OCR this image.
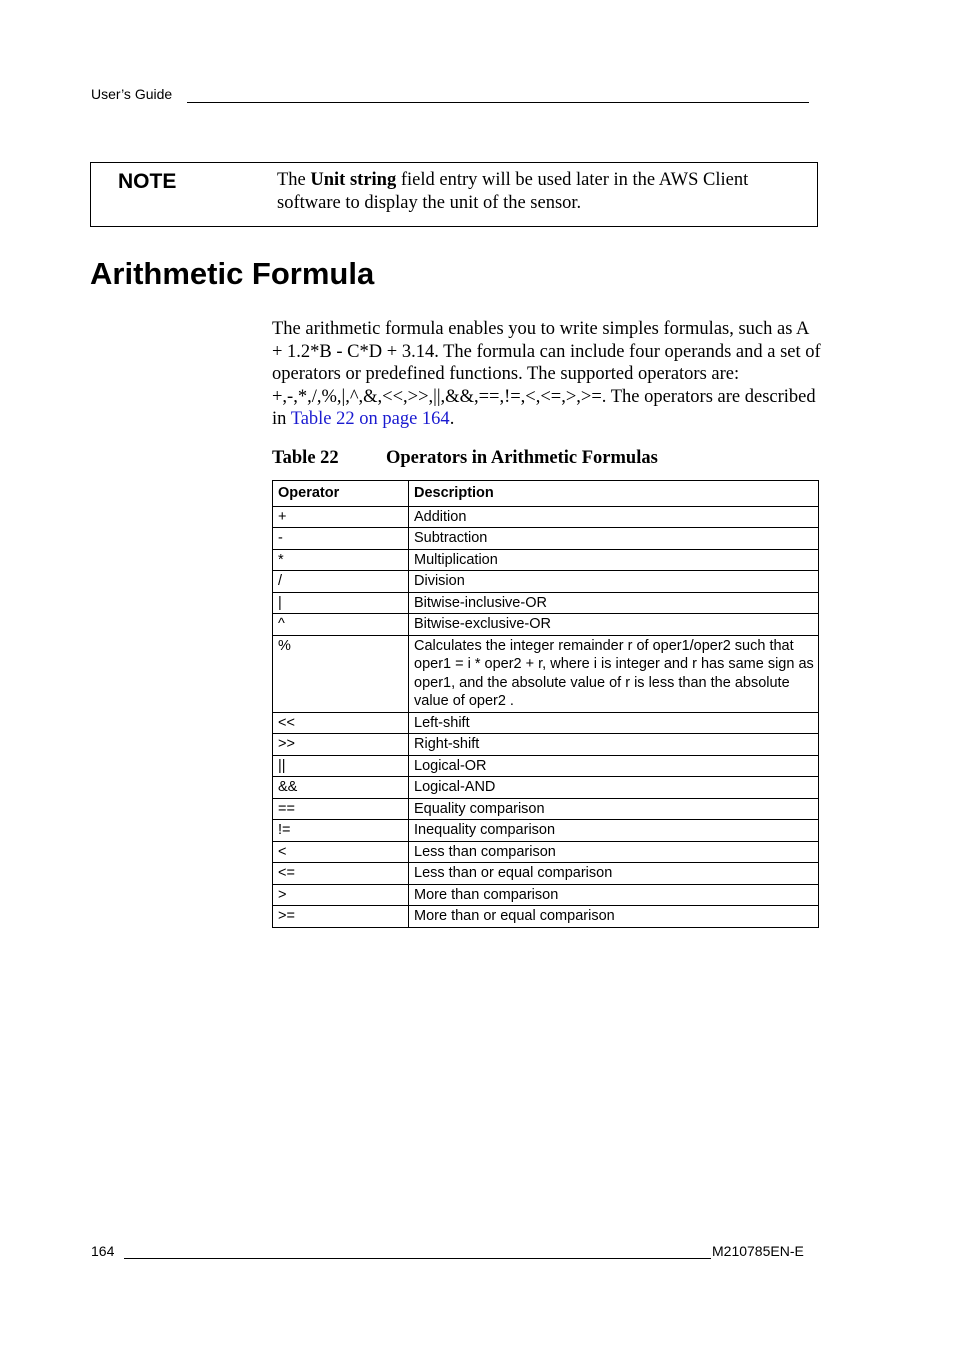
User’s Guide
NOTE	The Unit string field entry will be used later in the AWS Client software to display the unit of the sensor.
Arithmetic Formula

The arithmetic formula enables you to write simples formulas, such as A + 1.2*B - C*D + 3.14. The formula can include four operands and a set of operators or predefined functions. The supported operators are: +,-,*,/,%,|,^,&,<<,>>,||,&&,==,!=,<,<=,>,>=. The operators are described in Table 22 on page 164.

Table 22	Operators in Arithmetic Formulas
Operator	Description
+	Addition
-	Subtraction
*	Multiplication
/	Division
|	Bitwise-inclusive-OR
^	Bitwise-exclusive-OR
%	Calculates the integer remainder r of oper1/oper2 such that oper1 = i * oper2 + r, where i is integer and r has same sign as oper1, and the absolute value of r is less than the absolute value of oper2 .
<<	Left-shift
>>	Right-shift
||	Logical-OR
&&	Logical-AND
==	Equality comparison
!=	Inequality comparison
<	Less than comparison
<=	Less than or equal comparison
>	More than comparison
>=	More than or equal comparison
164	M210785EN-E
